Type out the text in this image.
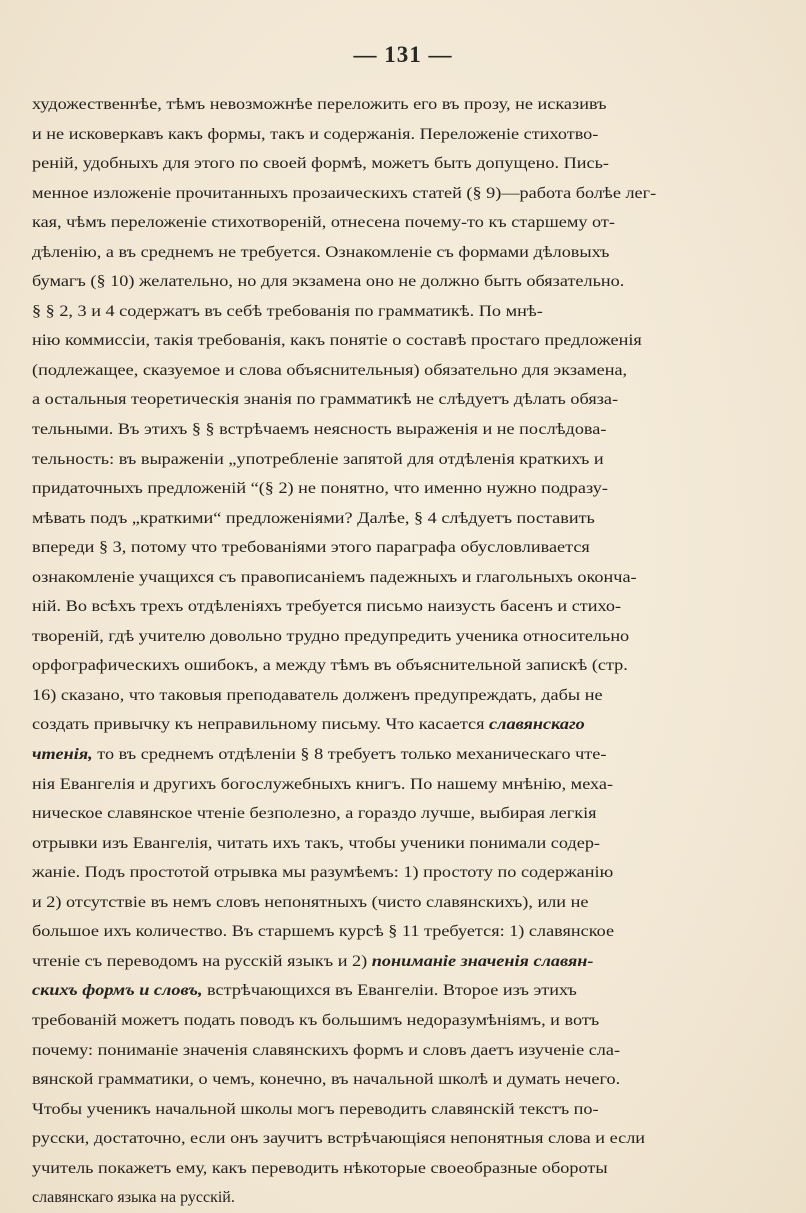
— 131 —
художественнѣе, тѣмъ невозможнѣе переложить его въ прозу, не исказивъ
и не исковеркавъ какъ формы, такъ и содержанія. Переложеніе стихотво-
реній, удобныхъ для этого по своей формѣ, можетъ быть допущено. Пись-
менное изложеніе прочитанныхъ прозаическихъ статей (§ 9)—работа болѣе лег-
кая, чѣмъ переложеніе стихотвореній, отнесена почему-то къ старшему от-
дѣленію, а въ среднемъ не требуется. Ознакомленіе съ формами дѣловыхъ
бумагъ (§ 10) желательно, но для экзамена оно не должно быть обязательно.
§ § 2, 3 и 4 содержатъ въ себѣ требованія по грамматикѣ. По мнѣ-
нію коммиссіи, такія требованія, какъ понятіе о составѣ простаго предложенія
(подлежащее, сказуемое и слова объяснительныя) обязательно для экзамена,
а остальныя теоретическія знанія по грамматикѣ не слѣдуетъ дѣлать обяза-
тельными. Въ этихъ § § встрѣчаемъ неясность выраженія и не послѣдова-
тельность: въ выраженіи „употребленіе запятой для отдѣленія краткихъ и
придаточныхъ предложеній “(§ 2) не понятно, что именно нужно подразу-
мѣвать подъ „краткими“ предложеніями? Далѣе, § 4 слѣдуетъ поставить
впереди § 3, потому что требованіями этого параграфа обусловливается
ознакомленіе учащихся съ правописаніемъ падежныхъ и глагольныхъ оконча-
ній. Во всѣхъ трехъ отдѣленіяхъ требуется письмо наизусть басенъ и стихо-
твореній, гдѣ учителю довольно трудно предупредить ученика относительно
орфографическихъ ошибокъ, а между тѣмъ въ объяснительной запискѣ (стр.
16) сказано, что таковыя преподаватель долженъ предупреждать, дабы не
создать привычку къ неправильному письму. Что касается славянскаго
чтенія, то въ среднемъ отдѣленіи § 8 требуетъ только механическаго чте-
нія Евангелія и другихъ богослужебныхъ книгъ. По нашему мнѣнію, меха-
ническое славянское чтеніе безполезно, а гораздо лучше, выбирая легкія
отрывки изъ Евангелія, читать ихъ такъ, чтобы ученики понимали содер-
жаніе. Подъ простотой отрывка мы разумѣемъ: 1) простоту по содержанію
и 2) отсутствіе въ немъ словъ непонятныхъ (чисто славянскихъ), или не
большое ихъ количество. Въ старшемъ курсѣ § 11 требуется: 1) славянское
чтеніе съ переводомъ на русскій языкъ и 2) пониманіе значенія славян-
скихъ формъ и словъ, встрѣчающихся въ Евангеліи. Второе изъ этихъ
требованій можетъ подать поводъ къ большимъ недоразумѣніямъ, и вотъ
почему: пониманіе значенія славянскихъ формъ и словъ даетъ изученіе сла-
вянской грамматики, о чемъ, конечно, въ начальной школѣ и думать нечего.
Чтобы ученикъ начальной школы могъ переводить славянскій текстъ по-
русски, достаточно, если онъ заучитъ встрѣчающіяся непонятныя слова и если
учитель покажетъ ему, какъ переводить нѣкоторые своеобразные обороты
славянскаго языка на русскій.
